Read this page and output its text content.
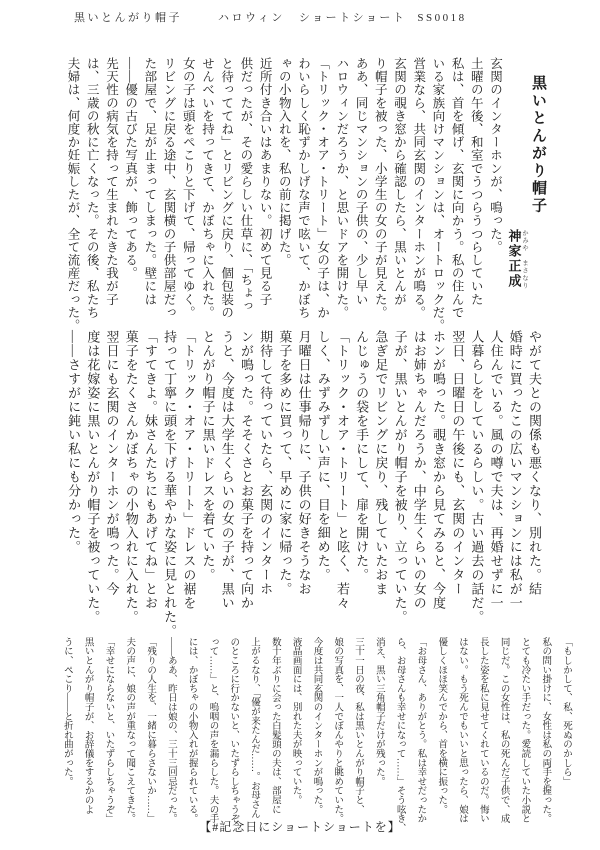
黒いとんがり帽子	ハロウィン ショートショート SS0018
黒いとんがり帽子
神家正成 かみや　まさなり
玄関のインターホンが、鳴った。
土曜の午後、和室でうつらうつらしていた
私は、首を傾げ、玄関に向かう。私の住んで
いる家族向けマンションは、オートロックだ。
営業なら、共同玄関のインターホンが鳴る。
玄関の覗き窓から確認したら、黒いとんが
り帽子を被った、小学生の女の子が見えた。
ああ、同じマンションの子供の、少し早い
ハロウィンだろうか、と思いドアを開けた。
「トリック・オア・トリート」女の子は、か
わいらしく恥ずかしげな声で呟いて、かぼち
ゃの小物入れを、私の前に掲げた。
近所付き合いはあまりない。初めて見る子
供だったが、その愛らしい仕草に、「ちょっ
と待っててね」とリビングに戻り、個包装の
せんべいを持ってきて、かぼちゃに入れた。
女の子は頭をぺこりと下げて、帰ってゆく。
リビングに戻る途中、玄関横の子供部屋だっ
た部屋で、足が止まってしまった。壁には
——優の古びた写真が、飾ってある。
先天性の病気を持って生まれたきた我が子
は、三歳の秋に亡くなった。その後、私たち
夫婦は、何度か妊娠したが、全て流産だった。
やがて夫との関係も悪くなり、別れた。結
婚時に買ったこの広いマンションには私が一
人住んでいる。風の噂で夫は、再婚せずに一
人暮らしをしているらしい。古い過去の話だ。
翌日、日曜日の午後にも、玄関のインター
ホンが鳴った。覗き窓から見てみると、今度
はお姉ちゃんだろうか、中学生くらいの女の
子が、黒いとんがり帽子を被り、立っていた。
急ぎ足でリビングに戻り、残していたおま
んじゅうの袋を手にして、扉を開けた。
「トリック・オア・トリート」と呟く、若々
しく、みずみずしい声に、目を細めた。
月曜日は仕事帰りに、子供の好きそうなお
菓子を多めに買って、早めに家に帰った。
期待して待っていたら、玄関のインターホ
ンが鳴った。そそくさとお菓子を持って向か
うと、今度は大学生くらいの女の子が、黒い
とんがり帽子に黒いドレスを着ていた。
「トリック・オア・トリート」ドレスの裾を
持って丁寧に頭を下げる華やかな姿に見とれた。
「すてきよ。妹さんたちにもあげてね」とお
菓子をたくさんかぼちゃの小物入れに入れた。
翌日にも玄関のインターホンが鳴った。今
度は花嫁姿に黒いとんがり帽子を被っていた。
——さすがに鈍い私にも分かった。
「もしかして、私、死ぬのかしら」
私の問い掛けに、女性は私の両手を握った。
とても冷たい手だった。愛読していた小説と
同じだ。この女性は、私の死んだ子供で、成
長した姿を私に見せてくれているのだ。悔い
はない。もう死んでもいいと思ったら、娘は
優しくほほ笑んでから、首を横に振った。
「お母さん、ありがとう。私は幸せだったか
ら、お母さんも幸せになって……」そう呟き、
消え、黒い三角帽子だけが残った。
三十一日の夜、私は黒いとんがり帽子と、
娘の写真を、一人でぼんやりと眺めていた。
今度は共同玄関のインターホンが鳴った。
液晶画面には、別れた夫が映っていた。
数十年ぶりに会った白髪頭の夫は、部屋に
上がるなり、「優が来たんだ……。お母さん
のところに行かないと、いたずらしちゃうぞ
って……」と、嗚咽の声を漏らした。夫の手
には、かぼちゃの小物入れが握られている。
——ああ、昨日は娘の、三十三回忌だった。
「残りの人生を、一緒に暮らさないか……」
夫の声に、娘の声が重なって聞こえてきた。
「幸せにならないと、いたずらしちゃうぞ」
黒いとんがり帽子が、お辞儀をするかのよ
うに、ぺこり——と折れ曲がった。
【#記念日にショートショートを】
